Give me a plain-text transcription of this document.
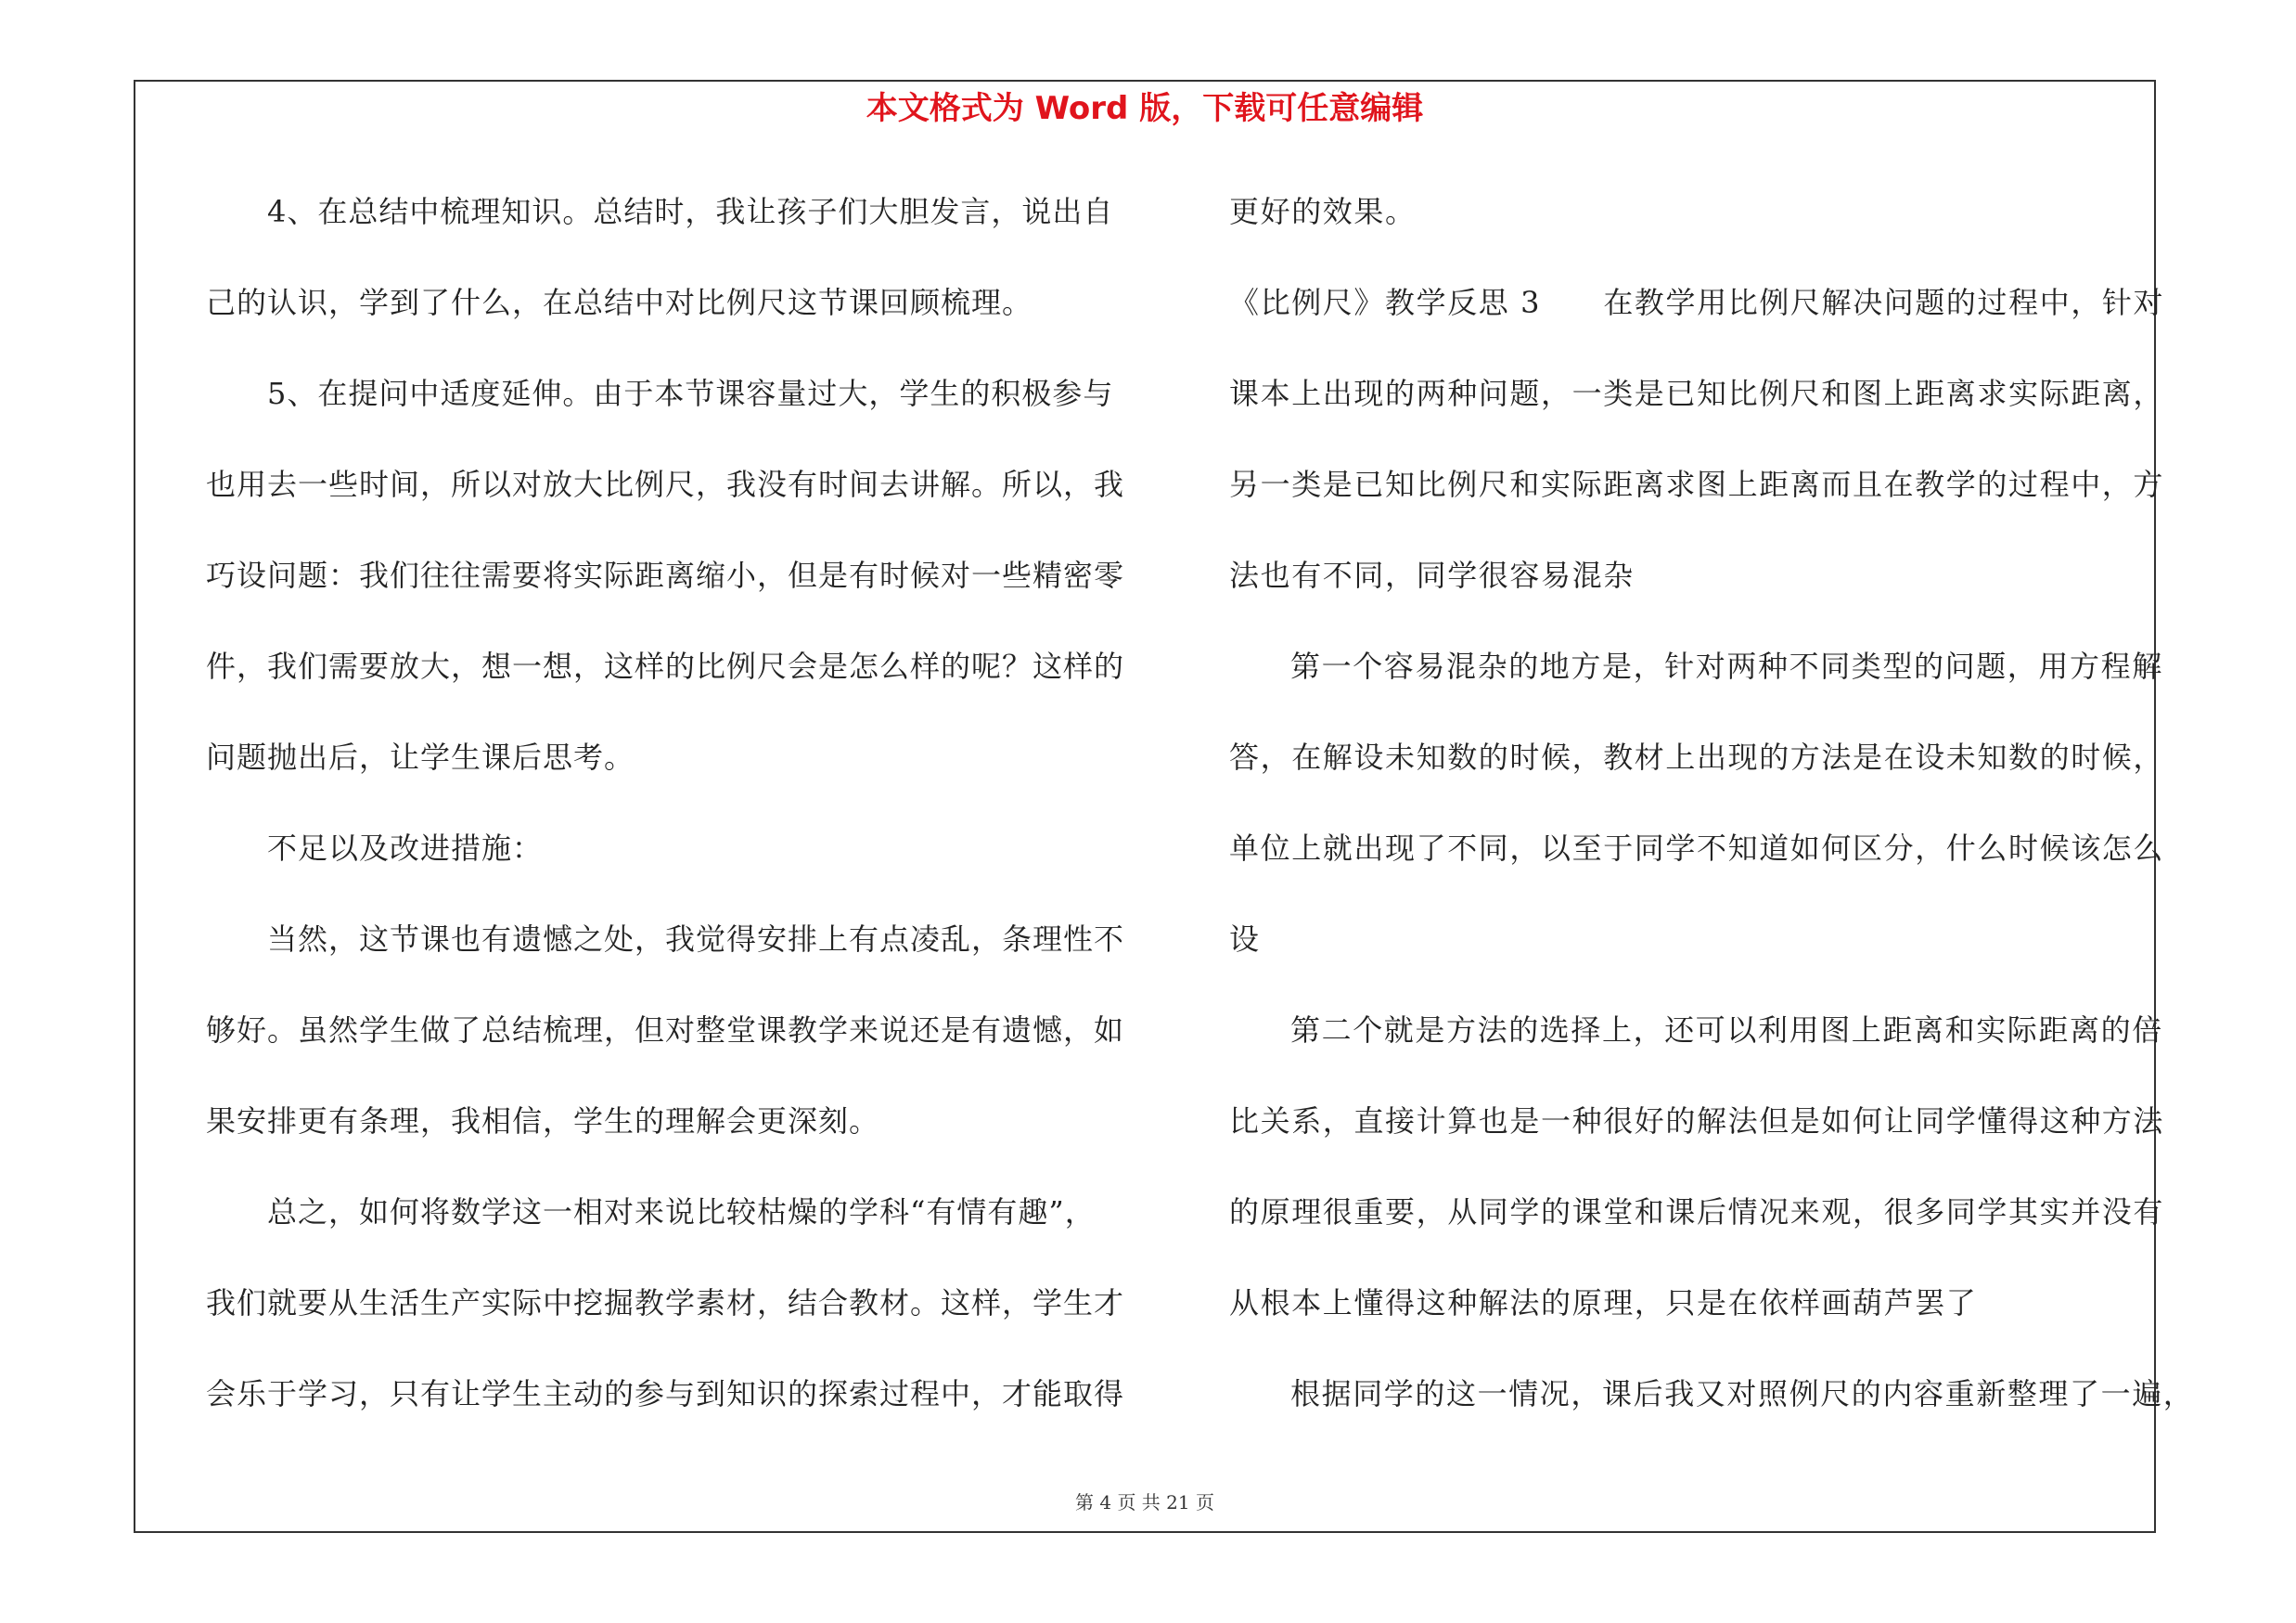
本文格式为 Word 版，下载可任意编辑
4、在总结中梳理知识。总结时，我让孩子们大胆发言，说出自
己的认识，学到了什么，在总结中对比例尺这节课回顾梳理。
5、在提问中适度延伸。由于本节课容量过大，学生的积极参与
也用去一些时间，所以对放大比例尺，我没有时间去讲解。所以，我
巧设问题：我们往往需要将实际距离缩小，但是有时候对一些精密零
件，我们需要放大，想一想，这样的比例尺会是怎么样的呢？这样的
问题抛出后，让学生课后思考。
不足以及改进措施：
当然，这节课也有遗憾之处，我觉得安排上有点凌乱，条理性不
够好。虽然学生做了总结梳理，但对整堂课教学来说还是有遗憾，如
果安排更有条理，我相信，学生的理解会更深刻。
总之，如何将数学这一相对来说比较枯燥的学科“有情有趣”，
我们就要从生活生产实际中挖掘教学素材，结合教材。这样，学生才
会乐于学习，只有让学生主动的参与到知识的探索过程中，才能取得
更好的效果。
《比例尺》教学反思 3　　在教学用比例尺解决问题的过程中，针对
课本上出现的两种问题，一类是已知比例尺和图上距离求实际距离，
另一类是已知比例尺和实际距离求图上距离而且在教学的过程中，方
法也有不同，同学很容易混杂
第一个容易混杂的地方是，针对两种不同类型的问题，用方程解
答，在解设未知数的时候，教材上出现的方法是在设未知数的时候，
单位上就出现了不同，以至于同学不知道如何区分，什么时候该怎么
设
第二个就是方法的选择上，还可以利用图上距离和实际距离的倍
比关系，直接计算也是一种很好的解法但是如何让同学懂得这种方法
的原理很重要，从同学的课堂和课后情况来观，很多同学其实并没有
从根本上懂得这种解法的原理，只是在依样画葫芦罢了
根据同学的这一情况，课后我又对照例尺的内容重新整理了一遍，
第 4 页 共 21 页
